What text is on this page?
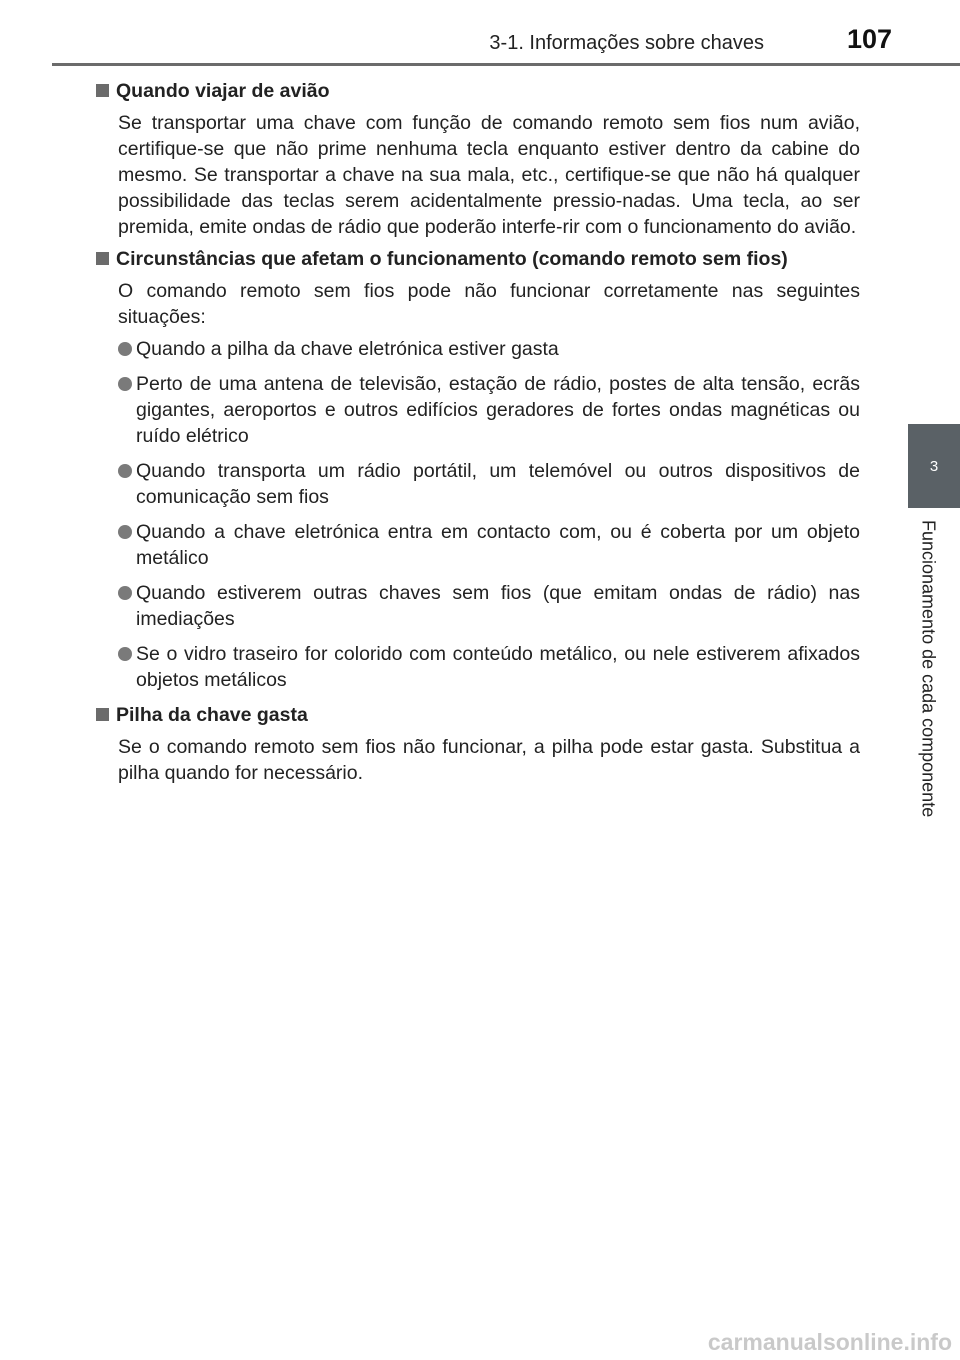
3-1. Informações sobre chaves	107
3
Funcionamento de cada componente
Quando viajar de avião
Se transportar uma chave com função de comando remoto sem fios num avião, certifique-se que não prime nenhuma tecla enquanto estiver dentro da cabine do mesmo. Se transportar a chave na sua mala, etc., certifique-se que não há qualquer possibilidade das teclas serem acidentalmente pressio-nadas. Uma tecla, ao ser premida, emite ondas de rádio que poderão interfe-rir com o funcionamento do avião.
Circunstâncias que afetam o funcionamento (comando remoto sem fios)
O comando remoto sem fios pode não funcionar corretamente nas seguintes situações:
Quando a pilha da chave eletrónica estiver gasta
Perto de uma antena de televisão, estação de rádio, postes de alta tensão, ecrãs gigantes, aeroportos e outros edifícios geradores de fortes ondas magnéticas ou ruído elétrico
Quando transporta um rádio portátil, um telemóvel ou outros dispositivos de comunicação sem fios
Quando a chave eletrónica entra em contacto com, ou é coberta por um objeto metálico
Quando estiverem outras chaves sem fios (que emitam ondas de rádio) nas imediações
Se o vidro traseiro for colorido com conteúdo metálico, ou nele estiverem afixados objetos metálicos
Pilha da chave gasta
Se o comando remoto sem fios não funcionar, a pilha pode estar gasta. Substitua a pilha quando for necessário.
carmanualsonline.info
